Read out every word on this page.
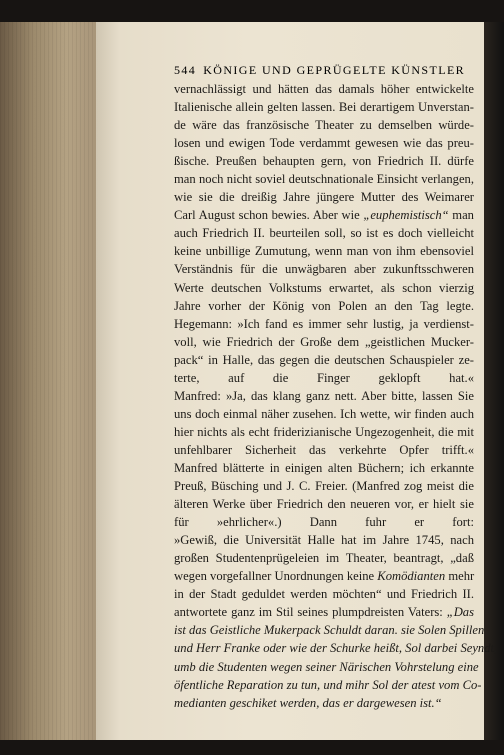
544 KÖNIGE UND GEPRÜGELTE KÜNSTLER
vernachlässigt und hätten das damals höher entwickelte
Italienische allein gelten lassen. Bei derartigem Unverstan-
de wäre das französische Theater zu demselben würde-
losen und ewigen Tode verdammt gewesen wie das preu-
ßische. Preußen behaupten gern, von Friedrich II. dürfe
man noch nicht soviel deutschnationale Einsicht verlangen,
wie sie die dreißig Jahre jüngere Mutter des Weimarer
Carl August schon bewies. Aber wie „euphemistisch“ man
auch Friedrich II. beurteilen soll, so ist es doch vielleicht
keine unbillige Zumutung, wenn man von ihm ebensoviel
Verständnis für die unwägbaren aber zukunftsschweren
Werte deutschen Volkstums erwartet, als schon vierzig
Jahre vorher der König von Polen an den Tag legte.
Hegemann: »Ich fand es immer sehr lustig, ja verdienst-
voll, wie Friedrich der Große dem „geistlichen Mucker-
pack“ in Halle, das gegen die deutschen Schauspieler ze-
terte, auf die Finger geklopft hat.«
Manfred: »Ja, das klang ganz nett. Aber bitte, lassen Sie
uns doch einmal näher zusehen. Ich wette, wir finden auch
hier nichts als echt friderizianische Ungezogenheit, die mit
unfehlbarer Sicherheit das verkehrte Opfer trifft.«
Manfred blätterte in einigen alten Büchern; ich erkannte
Preuß, Büsching und J. C. Freier. (Manfred zog meist die
älteren Werke über Friedrich den neueren vor, er hielt sie
für »ehrlicher«.) Dann fuhr er fort:
»Gewiß, die Universität Halle hat im Jahre 1745, nach
großen Studentenprügeleien im Theater, beantragt, „daß
wegen vorgefallner Unordnungen keine Komödianten mehr
in der Stadt geduldet werden möchten“ und Friedrich II.
antwortete ganz im Stil seines plumpdreisten Vaters: „Das
ist das Geistliche Mukerpack Schuldt daran. sie Solen Spillen
und Herr Franke oder wie der Schurke heißt, Sol darbei Seyndt,
umb die Studenten wegen seiner Närischen Vohrstelung eine
öfentliche Reparation zu tun, und mihr Sol der atest vom Co-
medianten geschiket werden, das er dargewesen ist.“
